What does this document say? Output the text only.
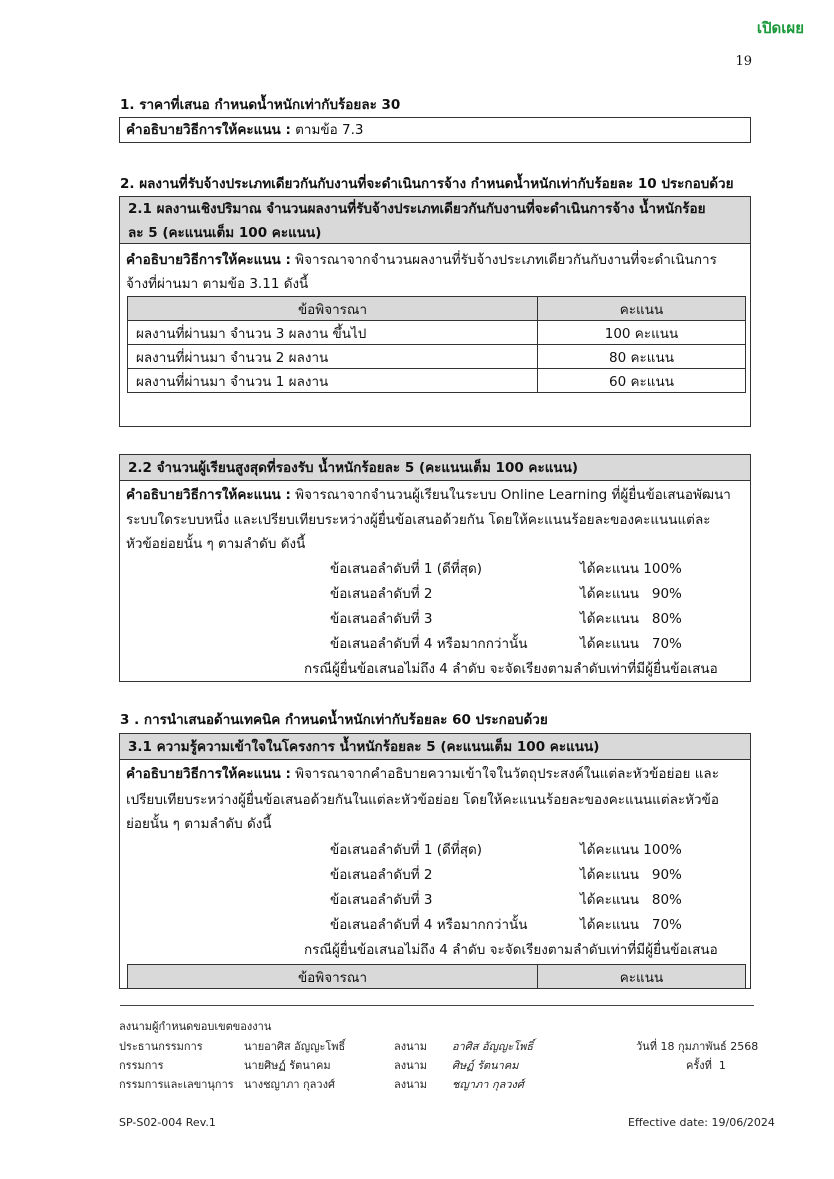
เปิดเผย
19
1. ราคาที่เสนอ กำหนดน้ำหนักเท่ากับร้อยละ 30
คำอธิบายวิธีการให้คะแนน : ตามข้อ 7.3
2. ผลงานที่รับจ้างประเภทเดียวกันกับงานที่จะดำเนินการจ้าง กำหนดน้ำหนักเท่ากับร้อยละ 10 ประกอบด้วย
2.1 ผลงานเชิงปริมาณ จำนวนผลงานที่รับจ้างประเภทเดียวกันกับงานที่จะดำเนินการจ้าง น้ำหนักร้อย
ละ 5 (คะแนนเต็ม 100 คะแนน)
คำอธิบายวิธีการให้คะแนน : พิจารณาจากจำนวนผลงานที่รับจ้างประเภทเดียวกันกับงานที่จะดำเนินการ
จ้างที่ผ่านมา ตามข้อ 3.11 ดังนี้
ข้อพิจารณา	คะแนน
ผลงานที่ผ่านมา จำนวน 3 ผลงาน ขึ้นไป	100 คะแนน
ผลงานที่ผ่านมา จำนวน 2 ผลงาน	80 คะแนน
ผลงานที่ผ่านมา จำนวน 1 ผลงาน	60 คะแนน
2.2 จำนวนผู้เรียนสูงสุดที่รองรับ น้ำหนักร้อยละ 5 (คะแนนเต็ม 100 คะแนน)
คำอธิบายวิธีการให้คะแนน : พิจารณาจากจำนวนผู้เรียนในระบบ Online Learning ที่ผู้ยื่นข้อเสนอพัฒนา
ระบบใดระบบหนึ่ง และเปรียบเทียบระหว่างผู้ยื่นข้อเสนอด้วยกัน โดยให้คะแนนร้อยละของคะแนนแต่ละ
หัวข้อย่อยนั้น ๆ ตามลำดับ ดังนี้
ข้อเสนอลำดับที่ 1 (ดีที่สุด)	ได้คะแนน 100%
ข้อเสนอลำดับที่ 2	ได้คะแนน   90%
ข้อเสนอลำดับที่ 3	ได้คะแนน   80%
ข้อเสนอลำดับที่ 4 หรือมากกว่านั้น	ได้คะแนน   70%
กรณีผู้ยื่นข้อเสนอไม่ถึง 4 ลำดับ จะจัดเรียงตามลำดับเท่าที่มีผู้ยื่นข้อเสนอ
3 . การนำเสนอด้านเทคนิค กำหนดน้ำหนักเท่ากับร้อยละ 60 ประกอบด้วย
3.1 ความรู้ความเข้าใจในโครงการ น้ำหนักร้อยละ 5 (คะแนนเต็ม 100 คะแนน)
คำอธิบายวิธีการให้คะแนน : พิจารณาจากคำอธิบายความเข้าใจในวัตถุประสงค์ในแต่ละหัวข้อย่อย และ
เปรียบเทียบระหว่างผู้ยื่นข้อเสนอด้วยกันในแต่ละหัวข้อย่อย โดยให้คะแนนร้อยละของคะแนนแต่ละหัวข้อ
ย่อยนั้น ๆ ตามลำดับ ดังนี้
ข้อเสนอลำดับที่ 1 (ดีที่สุด)	ได้คะแนน 100%
ข้อเสนอลำดับที่ 2	ได้คะแนน   90%
ข้อเสนอลำดับที่ 3	ได้คะแนน   80%
ข้อเสนอลำดับที่ 4 หรือมากกว่านั้น	ได้คะแนน   70%
กรณีผู้ยื่นข้อเสนอไม่ถึง 4 ลำดับ จะจัดเรียงตามลำดับเท่าที่มีผู้ยื่นข้อเสนอ
ข้อพิจารณา	คะแนน
ลงนามผู้กำหนดขอบเขตของงาน
ประธานกรรมการ	นายอาศิส อัญญะโพธิ์	ลงนาม อาศิส อัญญะโพธิ์	วันที่ 18 กุมภาพันธ์ 2568
กรรมการ	นายศิษฏ์ รัตนาคม	ลงนาม ศิษฏ์ รัตนาคม	ครั้งที่  1
กรรมการและเลขานุการ นางชญาภา กุลวงศ์	ลงนาม ชญาภา กุลวงศ์
SP-S02-004 Rev.1	Effective date: 19/06/2024
